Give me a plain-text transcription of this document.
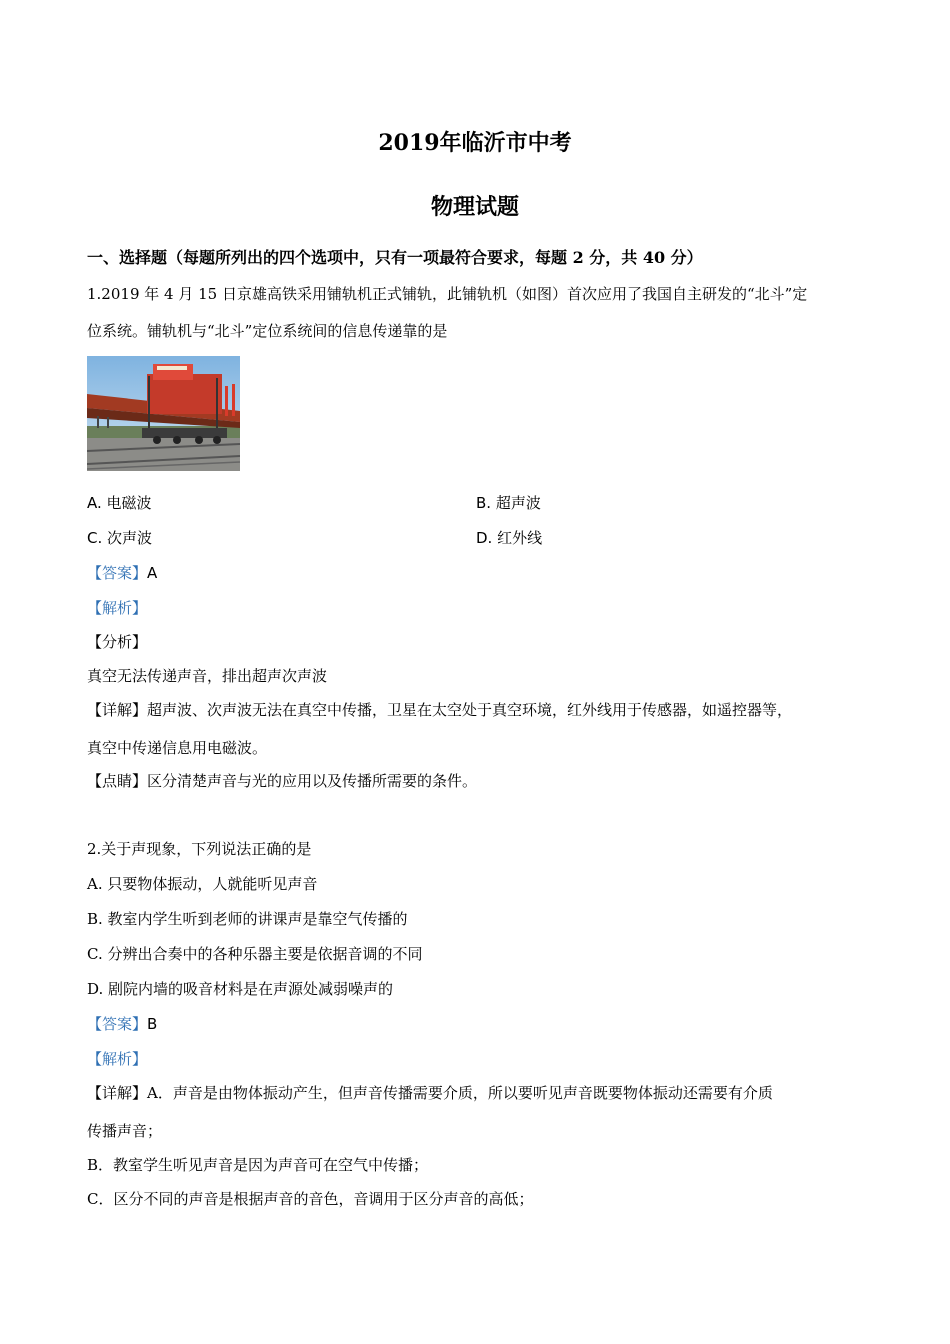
2019年临沂市中考
物理试题
一、选择题（每题所列出的四个选项中，只有一项最符合要求，每题 2 分，共 40 分）
1.2019 年 4 月 15 日京雄高铁采用铺轨机正式铺轨，此铺轨机（如图）首次应用了我国自主研发的“北斗”定
位系统。铺轨机与“北斗”定位系统间的信息传递靠的是
A. 电磁波	B. 超声波
C. 次声波	D. 红外线
【答案】A
【解析】
【分析】
真空无法传递声音，排出超声次声波
【详解】超声波、次声波无法在真空中传播，卫星在太空处于真空环境，红外线用于传感器，如遥控器等，
真空中传递信息用电磁波。
【点睛】区分清楚声音与光的应用以及传播所需要的条件。
2.关于声现象，下列说法正确的是
A. 只要物体振动，人就能听见声音
B. 教室内学生听到老师的讲课声是靠空气传播的
C. 分辨出合奏中的各种乐器主要是依据音调的不同
D. 剧院内墙的吸音材料是在声源处减弱噪声的
【答案】B
【解析】
【详解】A．声音是由物体振动产生，但声音传播需要介质，所以要听见声音既要物体振动还需要有介质
传播声音；
B．教室学生听见声音是因为声音可在空气中传播；
C．区分不同的声音是根据声音的音色，音调用于区分声音的高低；
